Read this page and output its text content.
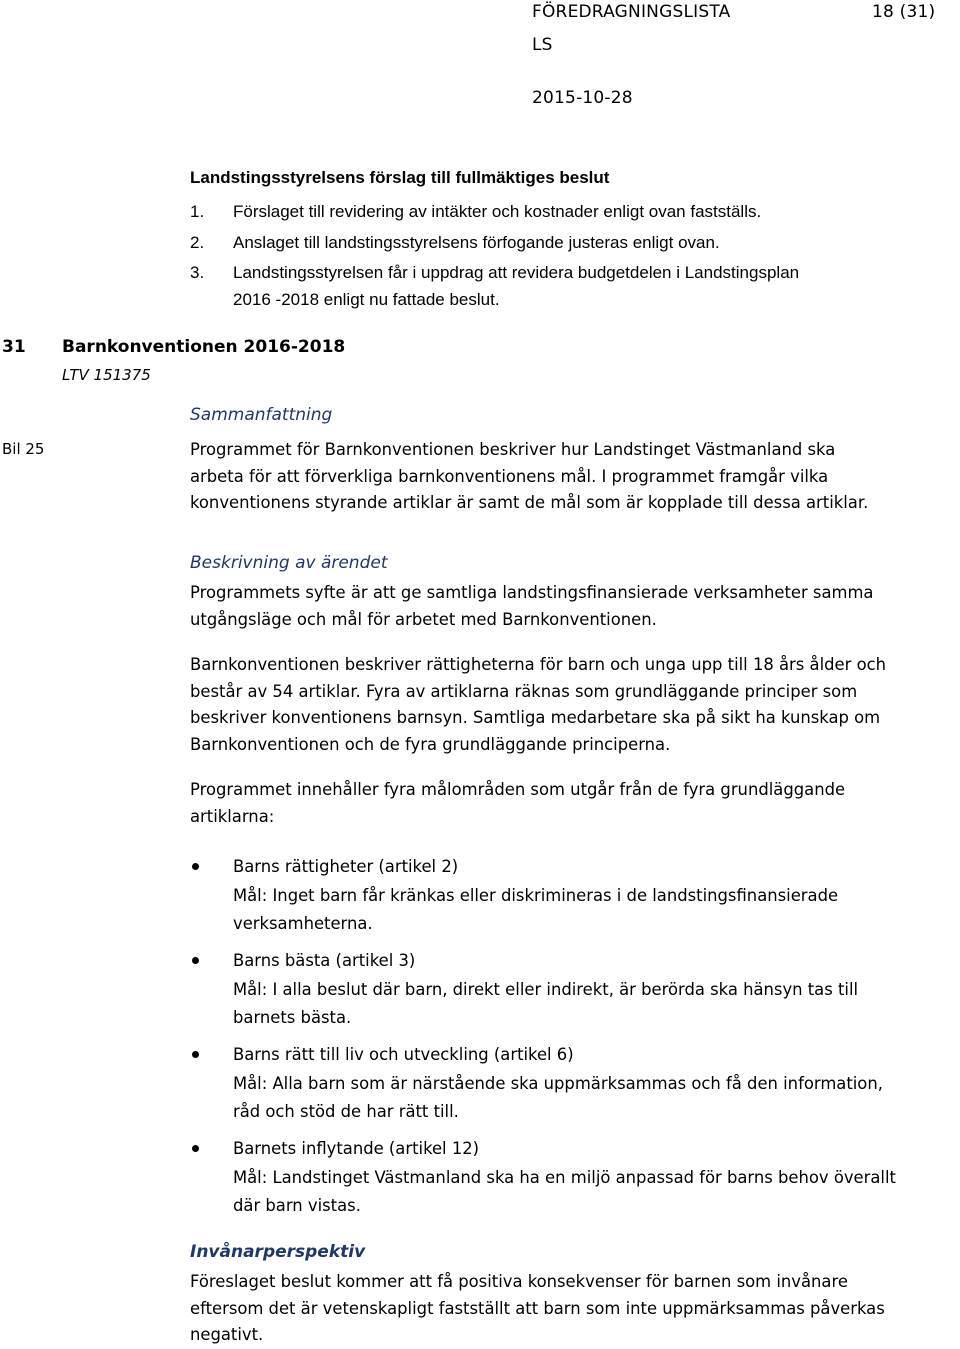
FÖREDRAGNINGSLISTA	18 (31)
LS
2015-10-28
Landstingsstyrelsens förslag till fullmäktiges beslut
1. Förslaget till revidering av intäkter och kostnader enligt ovan fastställs.
2. Anslaget till landstingsstyrelsens förfogande justeras enligt ovan.
3. Landstingsstyrelsen får i uppdrag att revidera budgetdelen i Landstingsplan
2016 -2018 enligt nu fattade beslut.
31 Barnkonventionen 2016-2018
LTV 151375
Bil 25
Sammanfattning
Programmet för Barnkonventionen beskriver hur Landstinget Västmanland ska
arbeta för att förverkliga barnkonventionens mål. I programmet framgår vilka
konventionens styrande artiklar är samt de mål som är kopplade till dessa artiklar.
Beskrivning av ärendet
Programmets syfte är att ge samtliga landstingsfinansierade verksamheter samma
utgångsläge och mål för arbetet med Barnkonventionen.
Barnkonventionen beskriver rättigheterna för barn och unga upp till 18 års ålder och
består av 54 artiklar. Fyra av artiklarna räknas som grundläggande principer som
beskriver konventionens barnsyn. Samtliga medarbetare ska på sikt ha kunskap om
Barnkonventionen och de fyra grundläggande principerna.
Programmet innehåller fyra målområden som utgår från de fyra grundläggande
artiklarna:
Barns rättigheter (artikel 2)
Mål: Inget barn får kränkas eller diskrimineras i de landstingsfinansierade
verksamheterna.
Barns bästa (artikel 3)
Mål: I alla beslut där barn, direkt eller indirekt, är berörda ska hänsyn tas till
barnets bästa.
Barns rätt till liv och utveckling (artikel 6)
Mål: Alla barn som är närstående ska uppmärksammas och få den information,
råd och stöd de har rätt till.
Barnets inflytande (artikel 12)
Mål: Landstinget Västmanland ska ha en miljö anpassad för barns behov överallt
där barn vistas.
Invånarperspektiv
Föreslaget beslut kommer att få positiva konsekvenser för barnen som invånare
eftersom det är vetenskapligt fastställt att barn som inte uppmärksammas påverkas
negativt.
